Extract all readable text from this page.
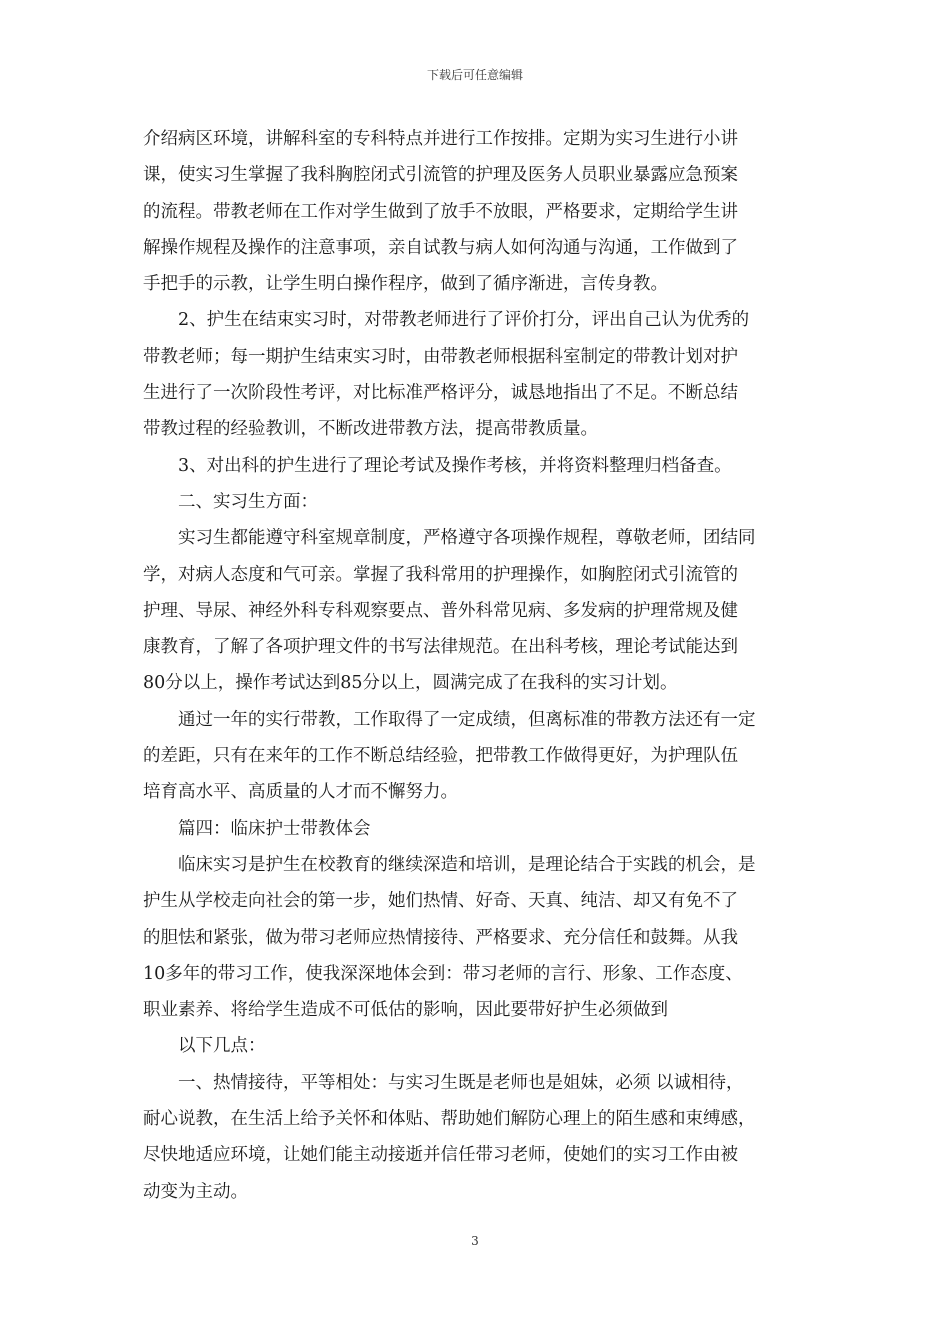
下载后可任意编辑
介绍病区环境，讲解科室的专科特点并进行工作按排。定期为实习生进行小讲
课，使实习生掌握了我科胸腔闭式引流管的护理及医务人员职业暴露应急预案
的流程。带教老师在工作对学生做到了放手不放眼，严格要求，定期给学生讲
解操作规程及操作的注意事项，亲自试教与病人如何沟通与沟通，工作做到了
手把手的示教，让学生明白操作程序，做到了循序渐进，言传身教。
2、护生在结束实习时，对带教老师进行了评价打分，评出自己认为优秀的
带教老师；每一期护生结束实习时，由带教老师根据科室制定的带教计划对护
生进行了一次阶段性考评，对比标准严格评分，诚恳地指出了不足。不断总结
带教过程的经验教训，不断改进带教方法，提高带教质量。
3、对出科的护生进行了理论考试及操作考核，并将资料整理归档备查。
二、实习生方面：
实习生都能遵守科室规章制度，严格遵守各项操作规程，尊敬老师，团结同
学，对病人态度和气可亲。掌握了我科常用的护理操作，如胸腔闭式引流管的
护理、导尿、神经外科专科观察要点、普外科常见病、多发病的护理常规及健
康教育，了解了各项护理文件的书写法律规范。在出科考核，理论考试能达到
80分以上，操作考试达到85分以上，圆满完成了在我科的实习计划。
通过一年的实行带教，工作取得了一定成绩，但离标准的带教方法还有一定
的差距，只有在来年的工作不断总结经验，把带教工作做得更好，为护理队伍
培育高水平、高质量的人才而不懈努力。
篇四：临床护士带教体会
临床实习是护生在校教育的继续深造和培训，是理论结合于实践的机会，是
护生从学校走向社会的第一步，她们热情、好奇、天真、纯洁、却又有免不了
的胆怯和紧张，做为带习老师应热情接待、严格要求、充分信任和鼓舞。从我
10多年的带习工作，使我深深地体会到：带习老师的言行、形象、工作态度、
职业素养、将给学生造成不可低估的影响，因此要带好护生必须做到
以下几点：
一、热情接待，平等相处：与实习生既是老师也是姐妹，必须 以诚相待，
耐心说教，在生活上给予关怀和体贴、帮助她们解防心理上的陌生感和束缚感，
尽快地适应环境，让她们能主动接逝并信任带习老师，使她们的实习工作由被
动变为主动。
3
